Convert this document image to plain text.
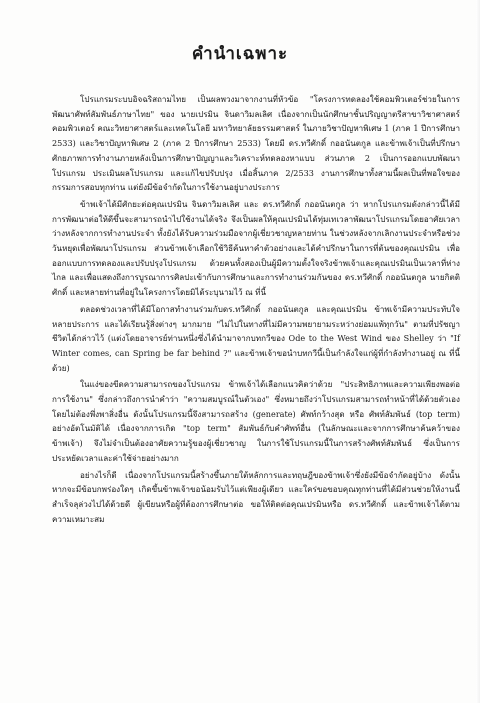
คำนำเฉพาะ

โปรแกรมระบบอิจฉริสถามไทย เป็นผลพวงมาจากงานที่หัวข้อ "โครงการทดลองใช้คอมพิวเตอร์ช่วยในการพัฒนาศัพท์สัมพันธ์ภาษาไทย" ของ นายเปรมิน จินดาวิมลเลิศ เนื่องจากเป็นนักศึกษาชั้นปริญญาตรีสาขาวิชาศาสตร์คอมพิวเตอร์ คณะวิทยาศาสตร์และเทคโนโลยี มหาวิทยาลัยธรรมศาสตร์ ในภายวิชาปัญหาพิเศษ 1 (ภาค 1 ปีการศึกษา 2533) และวิชาปัญหาพิเศษ 2 (ภาค 2 ปีการศึกษา 2533) โดยมี ดร.ทวีศักดิ์ กออนันตกูล และข้าพเจ้าเป็นที่ปรึกษา ศักยภาพการทำงานภายหลังเป็นการศึกษาปัญญาและวิเคราะห์ทดลองหาแบบ ส่วนภาค 2 เป็นการออกแบบพัฒนาโปรแกรม ประเมินผลโปรแกรม และแก้ไขปรับปรุง เมื่อสิ้นภาค 2/2533 งานการศึกษาทั้งสามนี้ผลเป็นที่พอใจของกรรมการสอบทุกท่าน แต่ยังมีข้อจำกัดในการใช้งานอยู่บางประการ

ข้าพเจ้าได้มีศักยะต่อคุณเปรมิน จินดาวิมลเลิศ และ ดร.ทวีศักดิ์ กออนันตกูล ว่า หากโปรแกรมดังกล่าวนี้ได้มีการพัฒนาต่อให้ดีขึ้นจะสามารถนำไปใช้งานได้จริง จึงเป็นผลให้คุณเปรมินได้ทุ่มเทเวลาพัฒนาโปรแกรมโดยอาศัยเวลาว่างหลังจากการทำงานประจำ ทั้งยังได้รับความร่วมมือจากผู้เชี่ยวชาญหลายท่าน ในช่วงหลังจากเลิกงานประจำหรือช่วงวันหยุดเพื่อพัฒนาโปรแกรม ส่วนข้าพเจ้าเลือกใช้วิธีค้นหาคำตัวอย่างและได้คำปรึกษาในการที่ต้นของคุณเปรมิน เพื่อออกแบบการทดลองและปรับปรุงโปรแกรม ด้วยคนทั้งสองเป็นผู้มีความตั้งใจจริงข้าพเจ้าและคุณเปรมินเป็นเวลาที่ห่างไกล และเพื่อแสดงถึงการบูรณาการศิลปะเข้ากับการศึกษาและการทำงานร่วมกันของ ดร.ทวีศักดิ์ กออนันตกูล นายกิตติศักดิ์ และหลายท่านที่อยู่ในโครงการโดยมิได้ระบุนามไว้ ณ ที่นี้

ตลอดช่วงเวลาที่ได้มีโอกาสทำงานร่วมกับดร.ทวีศักดิ์ กออนันตกูล และคุณเปรมิน ข้าพเจ้ามีความประทับใจหลายประการ และได้เรียนรู้สิ่งต่างๆ มากมาย "ไม่ไปในทางที่ไม่มีความพยายามระหว่างย่อมแพ้ทุกวัน" ตามที่ปรัชญาชีวิตได้กล่าวไว้ (แต่งโดยอาจารย์ท่านหนึ่งซึ่งได้นำมาจากบทกวีของ Ode to the West Wind ของ Shelley ว่า "If Winter comes, can Spring be far behind ?" และข้าพเจ้าขอนำบทกวีนี้เป็นกำลังใจแก่ผู้ที่กำลังทำงานอยู่ ณ ที่นี้ด้วย)

ในแง่ของขีดความสามารถของโปรแกรม ข้าพเจ้าได้เลือกแนวคิดว่าด้วย "ประสิทธิภาพและความเพียงพอต่อการใช้งาน" ซึ่งกล่าวถึงการนำคำว่า "ความสมบูรณ์ในตัวเอง" ซึ่งหมายถึงว่าโปรแกรมสามารถทำหน้าที่ได้ด้วยตัวเอง โดยไม่ต้องพึ่งพาสิ่งอื่น ดังนั้นโปรแกรมนี้จึงสามารถสร้าง (generate) ศัพท์กว้างสุด หรือ ศัพท์สัมพันธ์ (top term) อย่างอัตโนมัติได้ เนื่องจากการเกิด "top term" สัมพันธ์กับคำศัพท์อื่น (ในลักษณะและจากการศึกษาค้นคว้าของข้าพเจ้า) จึงไม่จำเป็นต้องอาศัยความรู้ของผู้เชี่ยวชาญ ในการใช้โปรแกรมนี้ในการสร้างศัพท์สัมพันธ์ ซึ่งเป็นการประหยัดเวลาและค่าใช้จ่ายอย่างมาก

อย่างไรก็ดี เนื่องจากโปรแกรมนี้สร้างขึ้นภายใต้หลักการและทฤษฎีของข้าพเจ้าซึ่งยังมีข้อจำกัดอยู่บ้าง ดังนั้น หากจะมีข้อบกพร่องใดๆ เกิดขึ้นข้าพเจ้าขอน้อมรับไว้แต่เพียงผู้เดียว และใคร่ขอขอบคุณทุกท่านที่ได้มีส่วนช่วยให้งานนี้สำเร็จลุล่วงไปได้ด้วยดี ผู้เขียนหรือผู้ที่ต้องการศึกษาต่อ ขอให้ติดต่อคุณเปรมินหรือ ดร.ทวีศักดิ์ และข้าพเจ้าได้ตามความเหมาะสม
